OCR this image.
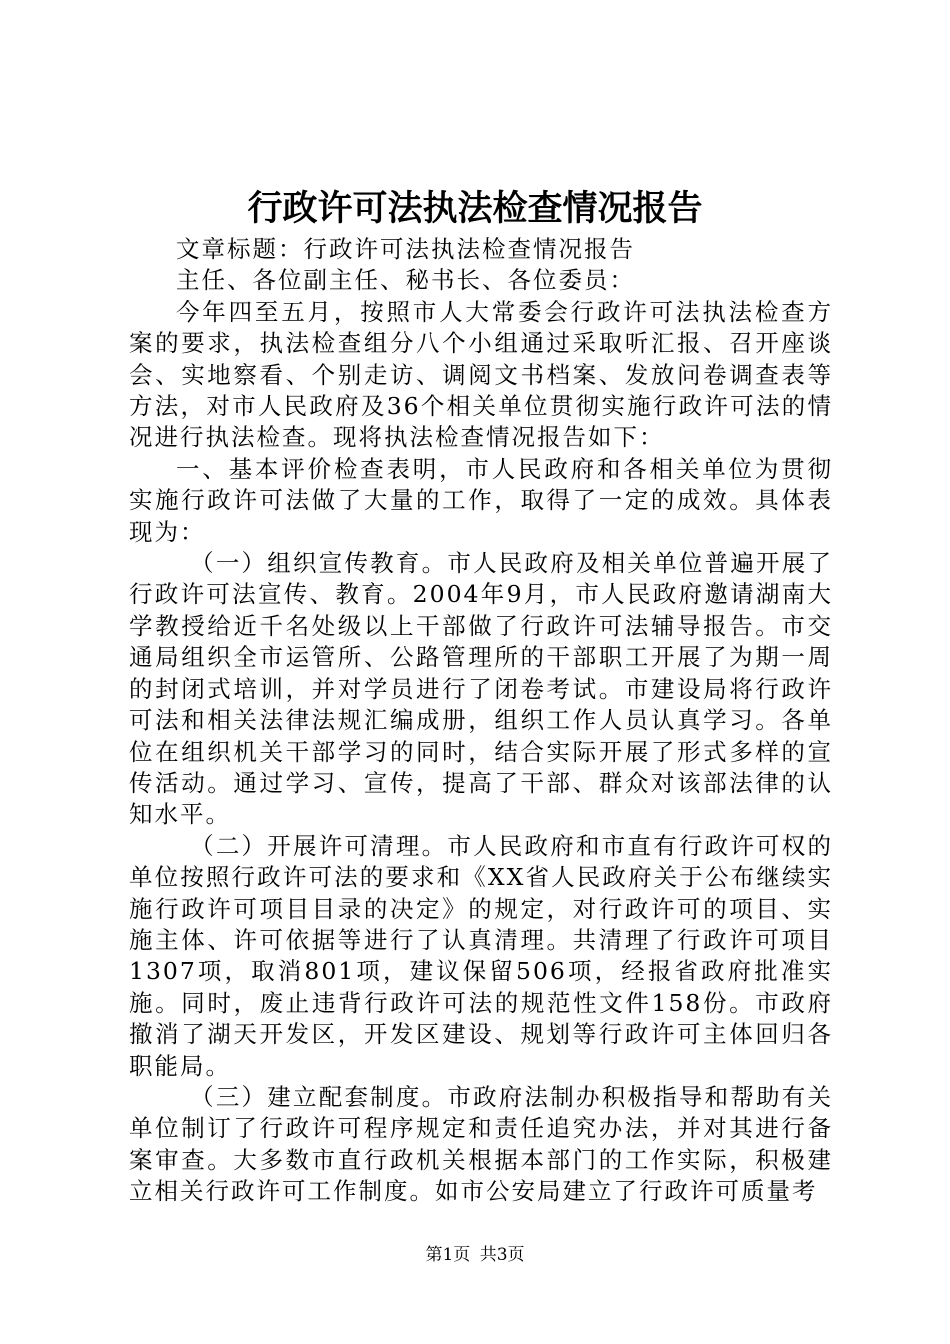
行政许可法执法检查情况报告

文章标题：行政许可法执法检查情况报告

主任、各位副主任、秘书长、各位委员：

今年四至五月，按照市人大常委会行政许可法执法检查方案的要求，执法检查组分八个小组通过采取听汇报、召开座谈会、实地察看、个别走访、调阅文书档案、发放问卷调查表等方法，对市人民政府及36个相关单位贯彻实施行政许可法的情况进行执法检查。现将执法检查情况报告如下：

一、基本评价检查表明，市人民政府和各相关单位为贯彻实施行政许可法做了大量的工作，取得了一定的成效。具体表现为：

（一）组织宣传教育。市人民政府及相关单位普遍开展了行政许可法宣传、教育。2004年9月，市人民政府邀请湖南大学教授给近千名处级以上干部做了行政许可法辅导报告。市交通局组织全市运管所、公路管理所的干部职工开展了为期一周的封闭式培训，并对学员进行了闭卷考试。市建设局将行政许可法和相关法律法规汇编成册，组织工作人员认真学习。各单位在组织机关干部学习的同时，结合实际开展了形式多样的宣传活动。通过学习、宣传，提高了干部、群众对该部法律的认知水平。

（二）开展许可清理。市人民政府和市直有行政许可权的单位按照行政许可法的要求和《XX省人民政府关于公布继续实施行政许可项目目录的决定》的规定，对行政许可的项目、实施主体、许可依据等进行了认真清理。共清理了行政许可项目1307项，取消801项，建议保留506项，经报省政府批准实施。同时，废止违背行政许可法的规范性文件158份。市政府撤消了湖天开发区，开发区建设、规划等行政许可主体回归各职能局。

（三）建立配套制度。市政府法制办积极指导和帮助有关单位制订了行政许可程序规定和责任追究办法，并对其进行备案审查。大多数市直行政机关根据本部门的工作实际，积极建立相关行政许可工作制度。如市公安局建立了行政许可质量考

第1页 共3页
